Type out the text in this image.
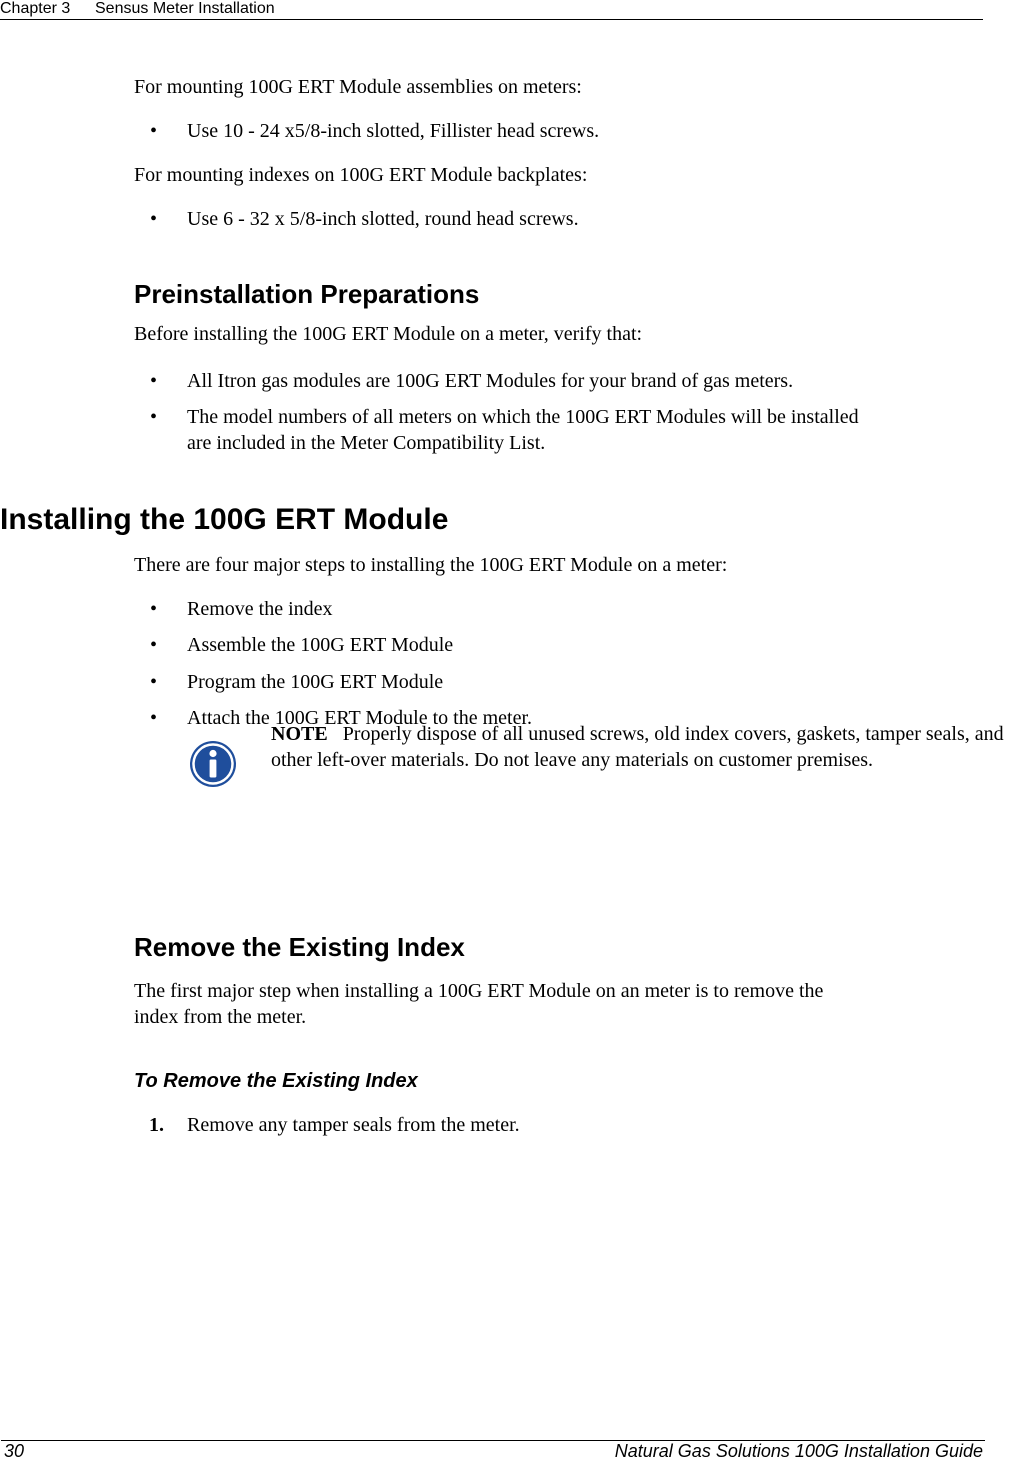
Chapter 3 Sensus Meter Installation
For mounting 100G ERT Module assemblies on meters:
• Use 10 - 24 x5/8-inch slotted, Fillister head screws.
For mounting indexes on 100G ERT Module backplates:
• Use 6 - 32 x 5/8-inch slotted, round head screws.
Preinstallation Preparations
Before installing the 100G ERT Module on a meter, verify that:
• All Itron gas modules are 100G ERT Modules for your brand of gas meters.
• The model numbers of all meters on which the 100G ERT Modules will be installed
are included in the Meter Compatibility List.
Installing the 100G ERT Module
There are four major steps to installing the 100G ERT Module on a meter:
• Remove the index
• Assemble the 100G ERT Module
• Program the 100G ERT Module
• Attach the 100G ERT Module to the meter.
NOTE Properly dispose of all unused screws, old index covers, gaskets, tamper seals, and other left-over materials. Do not leave any materials on customer premises.
Remove the Existing Index
The first major step when installing a 100G ERT Module on an meter is to remove the
index from the meter.
To Remove the Existing Index
1. Remove any tamper seals from the meter.
30	Natural Gas Solutions 100G Installation Guide
